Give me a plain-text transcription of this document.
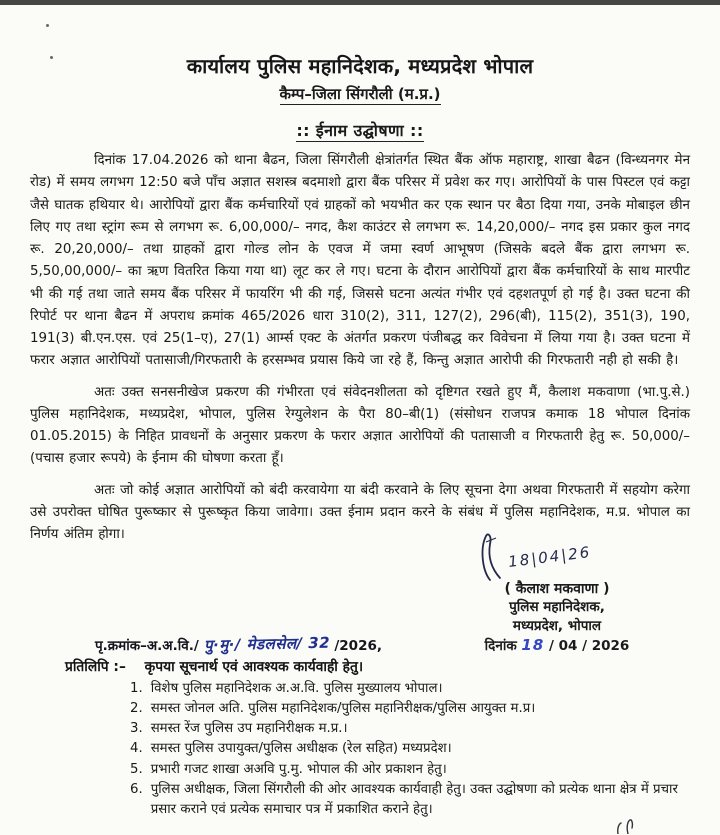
कार्यालय पुलिस महानिदेशक, मध्यप्रदेश भोपाल
कैम्प–जिला सिंगरौली (म.प्र.)
:: ईनाम उद्घोषणा ::

दिनांक 17.04.2026 को थाना बैढन, जिला सिंगरौली क्षेत्रांतर्गत स्थित बैंक ऑफ महाराष्ट्र, शाखा बैढन (विन्ध्यनगर मेन रोड) में समय लगभग 12:50 बजे पाँच अज्ञात सशस्त्र बदमाशो द्वारा बैंक परिसर में प्रवेश कर गए। आरोपियों के पास पिस्टल एवं कट्टा जैसे घातक हथियार थे। आरोपियों द्वारा बैंक कर्मचारियों एवं ग्राहकों को भयभीत कर एक स्थान पर बैठा दिया गया, उनके मोबाइल छीन लिए गए तथा स्ट्रांग रूम से लगभग रू. 6,00,000/– नगद, कैश काउंटर से लगभग रू. 14,20,000/– नगद इस प्रकार कुल नगद रू. 20,20,000/– तथा ग्राहकों द्वारा गोल्ड लोन के एवज में जमा स्वर्ण आभूषण (जिसके बदले बैंक द्वारा लगभग रू. 5,50,00,000/– का ऋण वितरित किया गया था) लूट कर ले गए। घटना के दौरान आरोपियों द्वारा बैंक कर्मचारियों के साथ मारपीट भी की गई तथा जाते समय बैंक परिसर में फायरिंग भी की गई, जिससे घटना अत्यंत गंभीर एवं दहशतपूर्ण हो गई है। उक्त घटना की रिपोर्ट पर थाना बैढन में अपराध क्रमांक 465/2026 धारा 310(2), 311, 127(2), 296(बी), 115(2), 351(3), 190, 191(3) बी.एन.एस. एवं 25(1–ए), 27(1) आर्म्स एक्ट के अंतर्गत प्रकरण पंजीबद्ध कर विवेचना में लिया गया है। उक्त घटना में फरार अज्ञात आरोपियों पतासाजी/गिरफतारी के हरसम्भव प्रयास किये जा रहे हैं, किन्तु अज्ञात आरोपी की गिरफतारी नही हो सकी है।

अतः उक्त सनसनीखेज प्रकरण की गंभीरता एवं संवेदनशीलता को दृष्टिगत रखते हुए मैं, कैलाश मकवाणा (भा.पु.से.) पुलिस महानिदेशक, मध्यप्रदेश, भोपाल, पुलिस रेग्युलेशन के पैरा 80–बी(1) (संसोधन राजपत्र कमाक 18 भोपाल दिनांक 01.05.2015) के निहित प्रावधनों के अनुसार प्रकरण के फरार अज्ञात आरोपियों की पतासाजी व गिरफतारी हेतु रू. 50,000/–(पचास हजार रूपये) के ईनाम की घोषणा करता हूँ।

अतः जो कोई अज्ञात आरोपियों को बंदी करवायेगा या बंदी करवाने के लिए सूचना देगा अथवा गिरफतारी में सहयोग करेगा उसे उपरोक्त घोषित पुरूष्कार से पुरूष्कृत किया जावेगा। उक्त ईनाम प्रदान करने के संबंध में पुलिस महानिदेशक, म.प्र. भोपाल का निर्णय अंतिम होगा।

18|04|26
( कैलाश मकवाणा )
पुलिस महानिदेशक,
मध्यप्रदेश, भोपाल
दिनांक 18 / 04 / 2026
पृ.क्रमांक–अ.अ.वि./ पु·मु·/ मेडलसेल/ 32 /2026,
प्रतिलिपि :– कृपया सूचनार्थ एवं आवश्यक कार्यवाही हेतु।
1. विशेष पुलिस महानिदेशक अ.अ.वि. पुलिस मुख्यालय भोपाल।
2. समस्त जोनल अति. पुलिस महानिदेशक/पुलिस महानिरीक्षक/पुलिस आयुक्त म.प्र।
3. समस्त रेंज पुलिस उप महानिरीक्षक म.प्र.।
4. समस्त पुलिस उपायुक्त/पुलिस अधीक्षक (रेल सहित) मध्यप्रदेश।
5. प्रभारी गजट शाखा अअवि पु.मु. भोपाल की ओर प्रकाशन हेतु।
6. पुलिस अधीक्षक, जिला सिंगरौली की ओर आवश्यक कार्यवाही हेतु। उक्त उद्घोषणा को प्रत्येक थाना क्षेत्र में प्रचार प्रसार कराने एवं प्रत्येक समाचार पत्र में प्रकाशित कराने हेतु।
